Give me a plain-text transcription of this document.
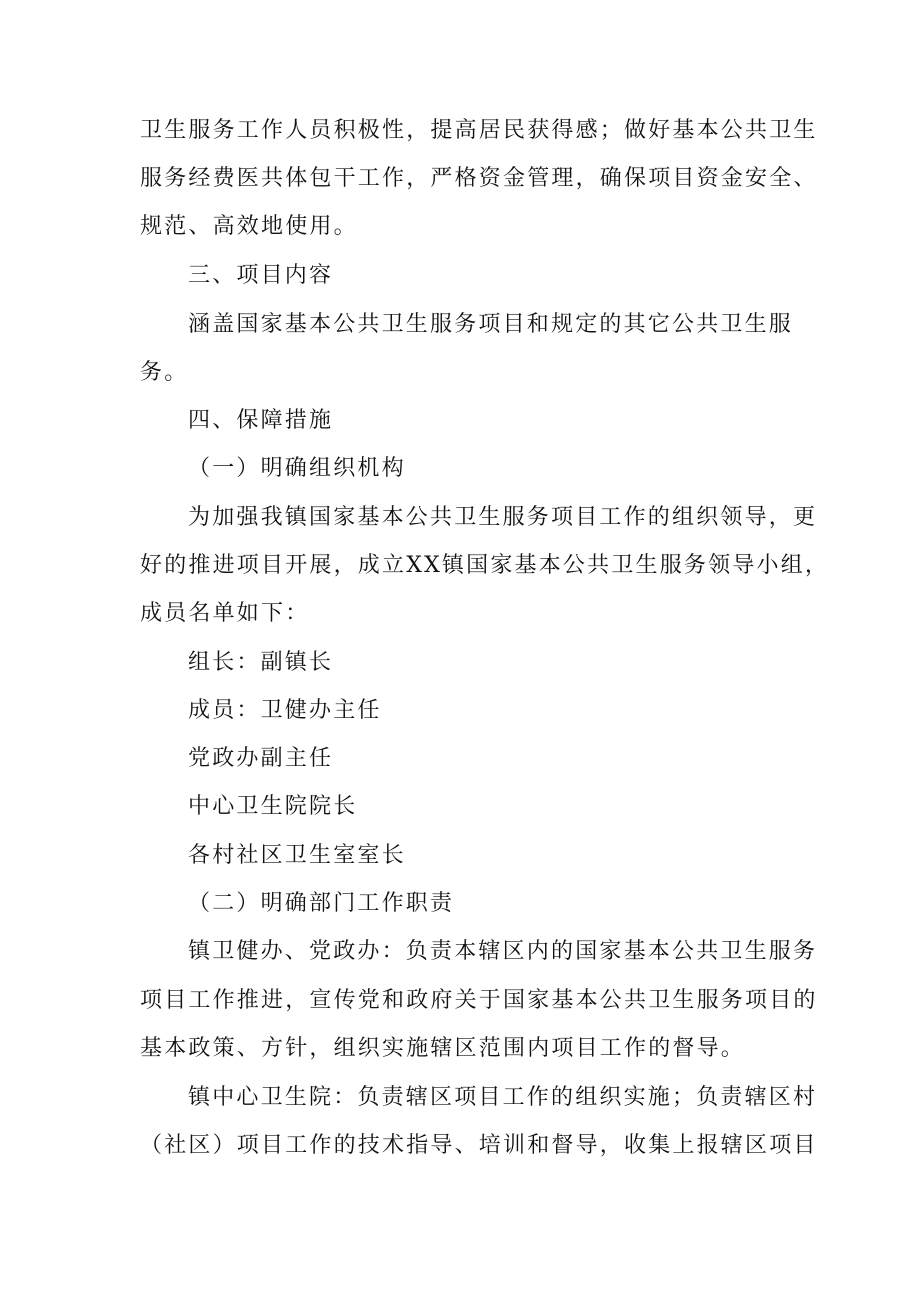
卫生服务工作人员积极性，提高居民获得感；做好基本公共卫生
服务经费医共体包干工作，严格资金管理，确保项目资金安全、
规范、高效地使用。
三、项目内容
涵盖国家基本公共卫生服务项目和规定的其它公共卫生服
务。
四、保障措施
（一）明确组织机构
为加强我镇国家基本公共卫生服务项目工作的组织领导，更
好的推进项目开展，成立XX镇国家基本公共卫生服务领导小组，
成员名单如下：
组长：副镇长
成员：卫健办主任
党政办副主任
中心卫生院院长
各村社区卫生室室长
（二）明确部门工作职责
镇卫健办、党政办：负责本辖区内的国家基本公共卫生服务
项目工作推进，宣传党和政府关于国家基本公共卫生服务项目的
基本政策、方针，组织实施辖区范围内项目工作的督导。
镇中心卫生院：负责辖区项目工作的组织实施；负责辖区村
（社区）项目工作的技术指导、培训和督导，收集上报辖区项目
